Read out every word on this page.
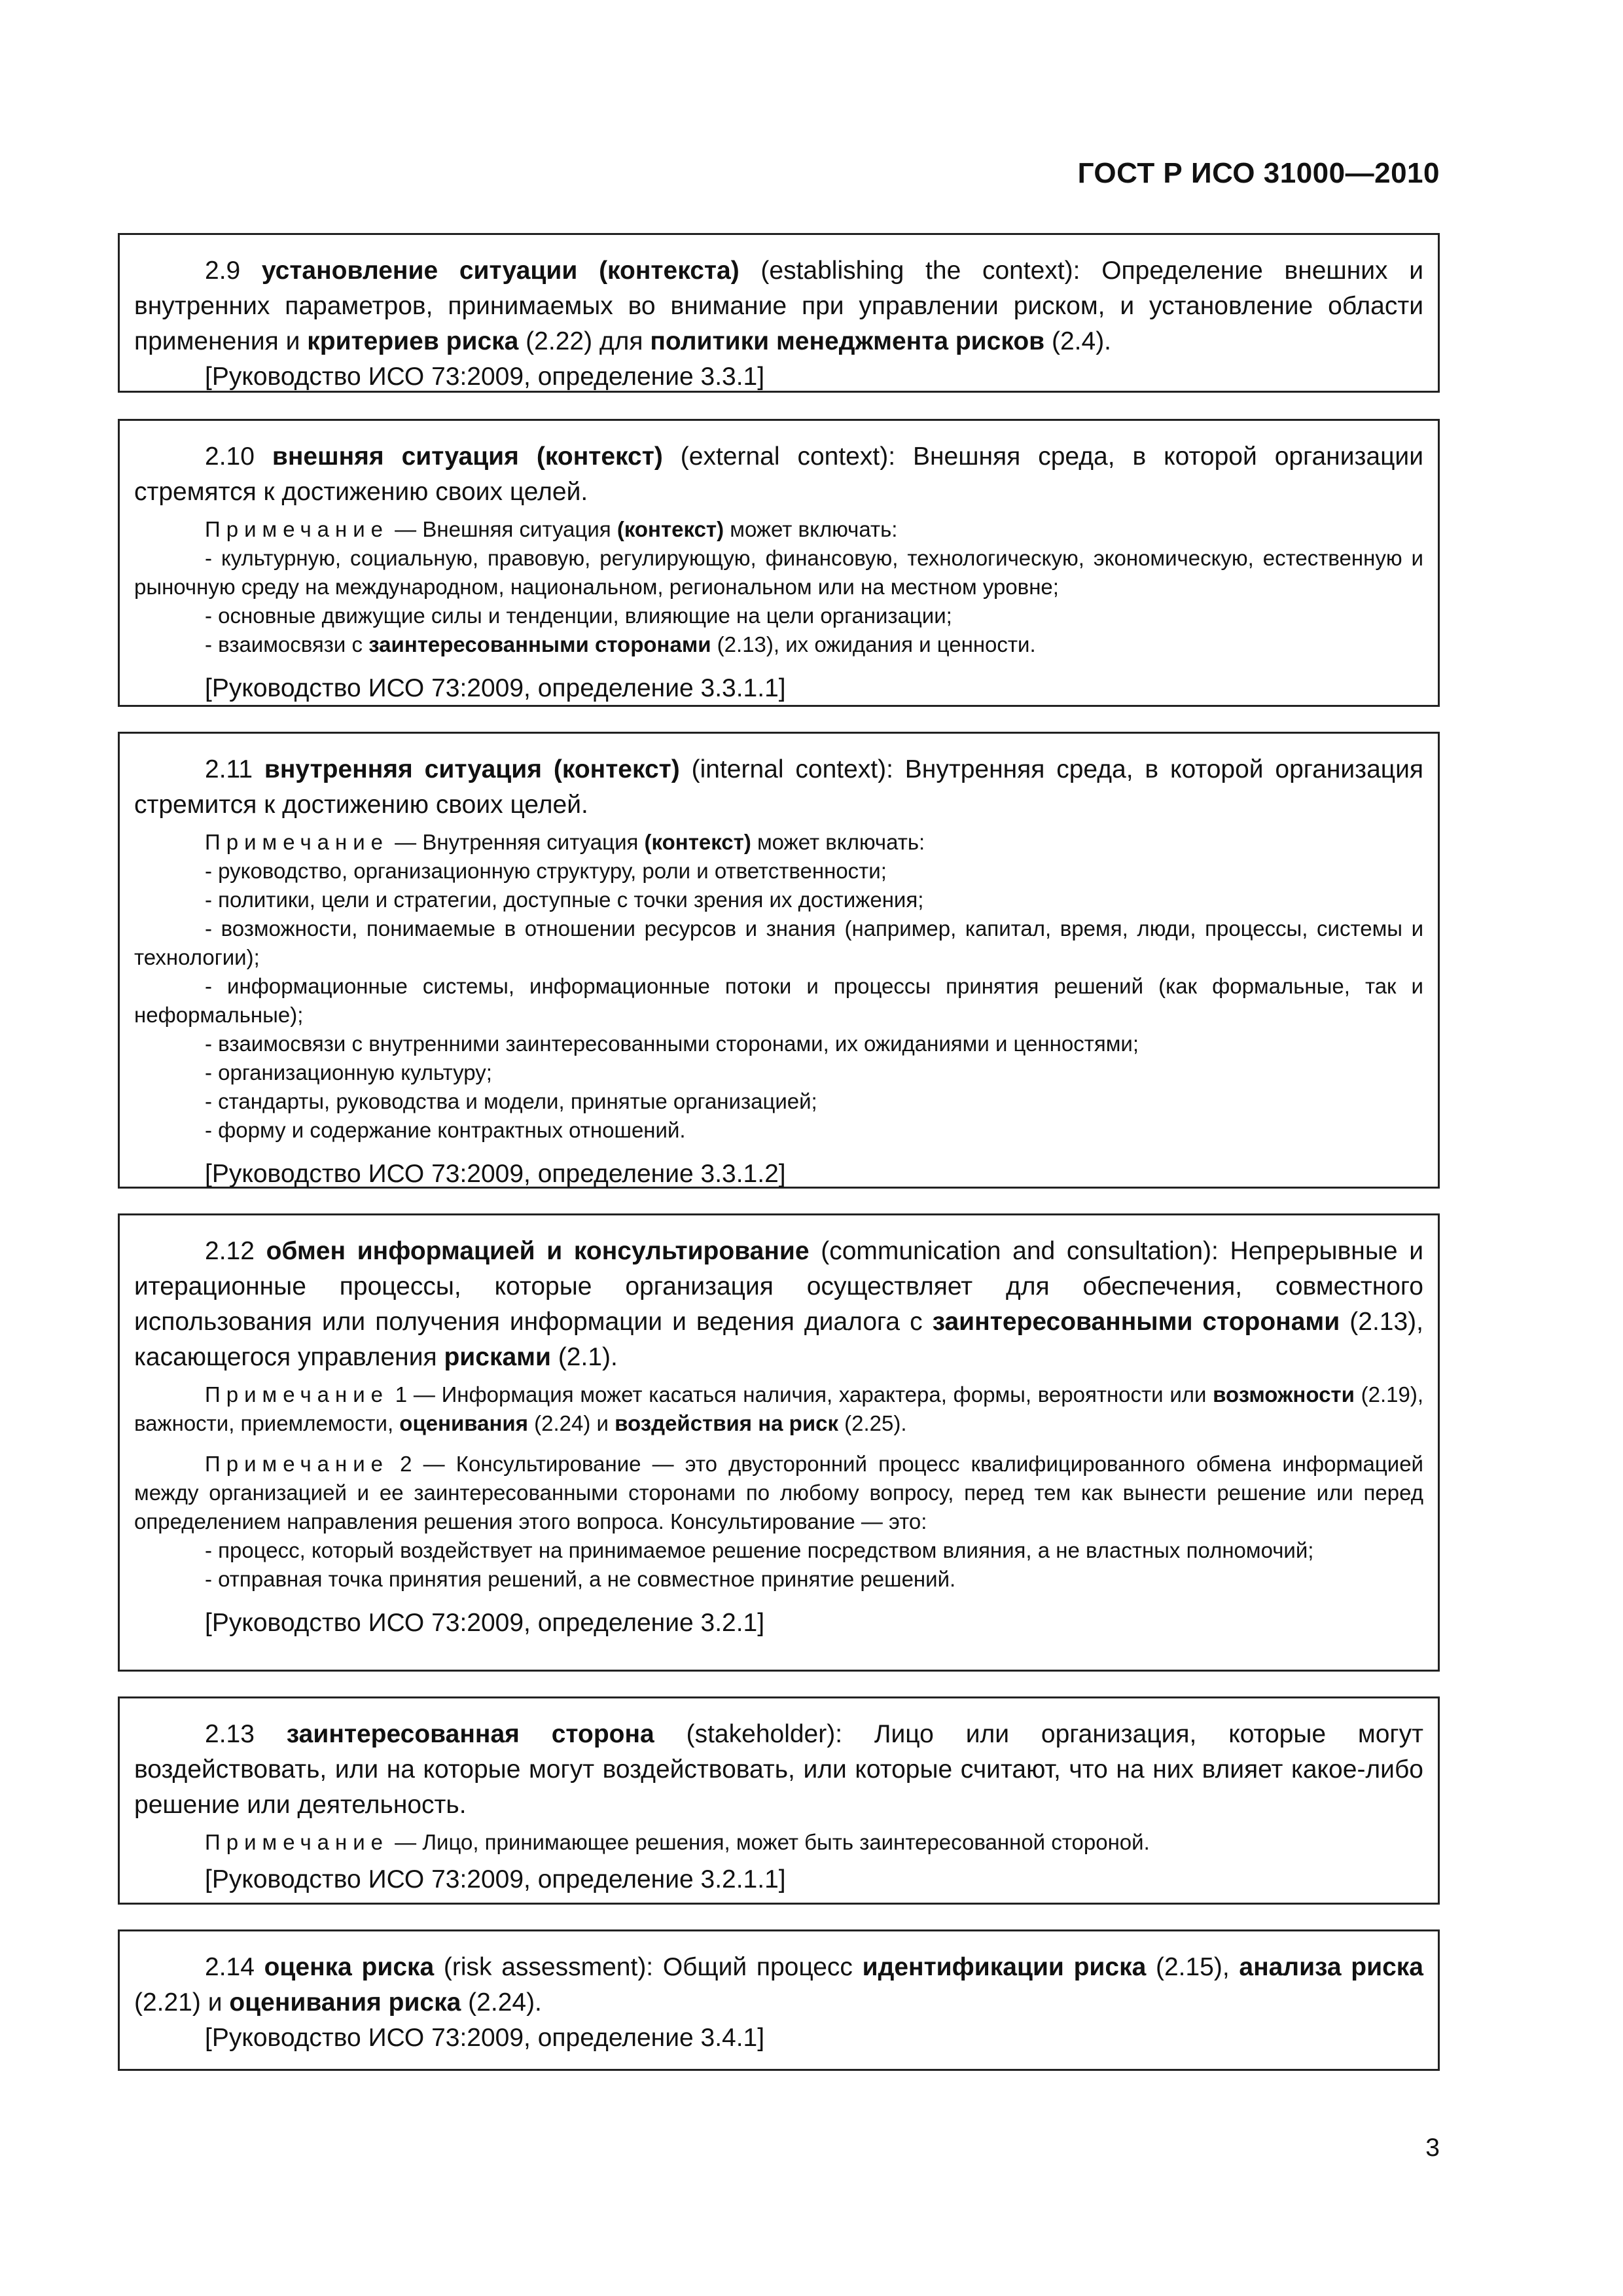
ГОСТ Р ИСО 31000—2010

2.9 установление ситуации (контекста) (establishing the context): Определение внешних и внутренних параметров, принимаемых во внимание при управлении риском, и установление области применения и критериев риска (2.22) для политики менеджмента рисков (2.4).

[Руководство ИСО 73:2009, определение 3.3.1]

2.10 внешняя ситуация (контекст) (external context): Внешняя среда, в которой организации стремятся к достижению своих целей.

Примечание — Внешняя ситуация (контекст) может включать:

- культурную, социальную, правовую, регулирующую, финансовую, технологическую, экономическую, естественную и рыночную среду на международном, национальном, региональном или на местном уровне;

- основные движущие силы и тенденции, влияющие на цели организации;

- взаимосвязи с заинтересованными сторонами (2.13), их ожидания и ценности.

[Руководство ИСО 73:2009, определение 3.3.1.1]

2.11 внутренняя ситуация (контекст) (internal context): Внутренняя среда, в которой организация стремится к достижению своих целей.

Примечание — Внутренняя ситуация (контекст) может включать:

- руководство, организационную структуру, роли и ответственности;

- политики, цели и стратегии, доступные с точки зрения их достижения;

- возможности, понимаемые в отношении ресурсов и знания (например, капитал, время, люди, процессы, системы и технологии);

- информационные системы, информационные потоки и процессы принятия решений (как формальные, так и неформальные);

- взаимосвязи с внутренними заинтересованными сторонами, их ожиданиями и ценностями;

- организационную культуру;

- стандарты, руководства и модели, принятые организацией;

- форму и содержание контрактных отношений.

[Руководство ИСО 73:2009, определение 3.3.1.2]

2.12 обмен информацией и консультирование (communication and consultation): Непрерывные и итерационные процессы, которые организация осуществляет для обеспечения, совместного использования или получения информации и ведения диалога с заинтересованными сторонами (2.13), касающегося управления рисками (2.1).

Примечание 1 — Информация может касаться наличия, характера, формы, вероятности или возможности (2.19), важности, приемлемости, оценивания (2.24) и воздействия на риск (2.25).

Примечание 2 — Консультирование — это двусторонний процесс квалифицированного обмена информацией между организацией и ее заинтересованными сторонами по любому вопросу, перед тем как вынести решение или перед определением направления решения этого вопроса. Консультирование — это:

- процесс, который воздействует на принимаемое решение посредством влияния, а не властных полномочий;

- отправная точка принятия решений, а не совместное принятие решений.

[Руководство ИСО 73:2009, определение 3.2.1]

2.13 заинтересованная сторона (stakeholder): Лицо или организация, которые могут воздействовать, или на которые могут воздействовать, или которые считают, что на них влияет какое-либо решение или деятельность.

Примечание — Лицо, принимающее решения, может быть заинтересованной стороной.

[Руководство ИСО 73:2009, определение 3.2.1.1]

2.14 оценка риска (risk assessment): Общий процесс идентификации риска (2.15), анализа риска (2.21) и оценивания риска (2.24).

[Руководство ИСО 73:2009, определение 3.4.1]

3
